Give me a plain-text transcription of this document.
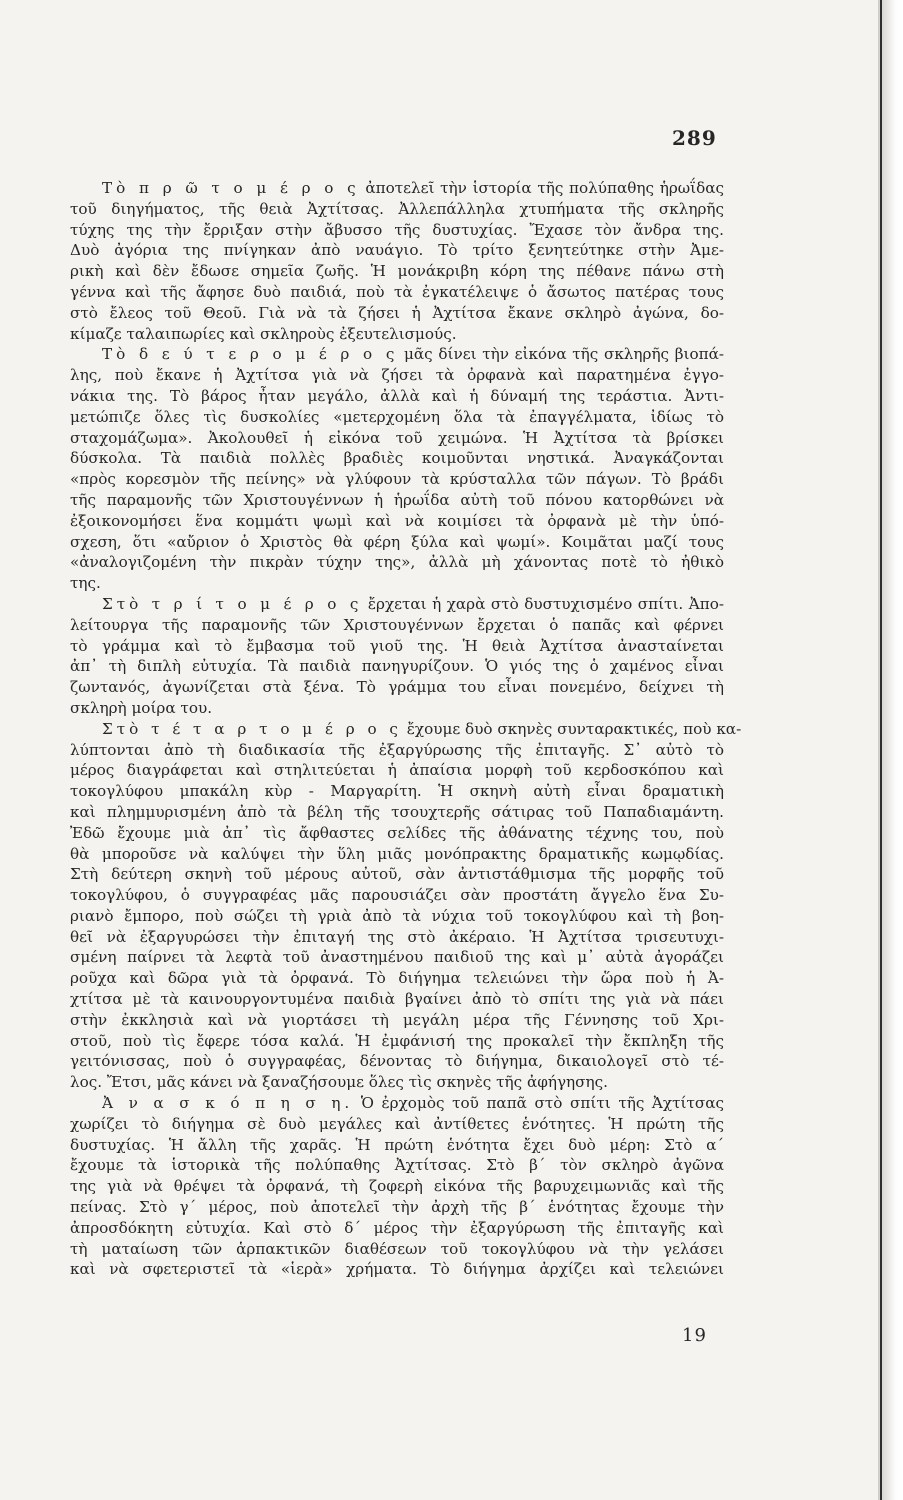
289
Τὸ π ρ ῶ τ ο μ έ ρ ο ς ἀποτελεῖ τὴν ἱστορία τῆς πολύπαθης ἡρωΐδας
τοῦ διηγήματος, τῆς θειὰ Ἀχτίτσας. Ἀλλεπάλληλα χτυπήματα τῆς σκληρῆς
τύχης της τὴν ἔρριξαν στὴν ἄβυσσο τῆς δυστυχίας. Ἔχασε τὸν ἄνδρα της.
Δυὸ ἀγόρια της πνίγηκαν ἀπὸ ναυάγιο. Τὸ τρίτο ξενητεύτηκε στὴν Ἀμε-
ρικὴ καὶ δὲν ἔδωσε σημεῖα ζωῆς. Ἡ μονάκριβη κόρη της πέθανε πάνω στὴ
γέννα καὶ τῆς ἄφησε δυὸ παιδιά, ποὺ τὰ ἐγκατέλειψε ὁ ἄσωτος πατέρας τους
στὸ ἔλεος τοῦ Θεοῦ. Γιὰ νὰ τὰ ζήσει ἡ Ἀχτίτσα ἔκανε σκληρὸ ἀγώνα, δο-
κίμαζε ταλαιπωρίες καὶ σκληροὺς ἐξευτελισμούς.
Τὸ δ ε ύ τ ε ρ ο μ έ ρ ο ς μᾶς δίνει τὴν εἰκόνα τῆς σκληρῆς βιοπά-
λης, ποὺ ἔκανε ἡ Ἀχτίτσα γιὰ νὰ ζήσει τὰ ὀρφανὰ καὶ παρατημένα ἐγγο-
νάκια της. Τὸ βάρος ἦταν μεγάλο, ἀλλὰ καὶ ἡ δύναμή της τεράστια. Ἀντι-
μετώπιζε ὅλες τὶς δυσκολίες «μετερχομένη ὅλα τὰ ἐπαγγέλματα, ἰδίως τὸ
σταχομάζωμα». Ἀκολουθεῖ ἡ εἰκόνα τοῦ χειμώνα. Ἡ Ἀχτίτσα τὰ βρίσκει
δύσκολα. Τὰ παιδιὰ πολλὲς βραδιὲς κοιμοῦνται νηστικά. Ἀναγκάζονται
«πρὸς κορεσμὸν τῆς πείνης» νὰ γλύφουν τὰ κρύσταλλα τῶν πάγων. Τὸ βράδι
τῆς παραμονῆς τῶν Χριστουγέννων ἡ ἡρωΐδα αὐτὴ τοῦ πόνου κατορθώνει νὰ
ἐξοικονομήσει ἕνα κομμάτι ψωμὶ καὶ νὰ κοιμίσει τὰ ὀρφανὰ μὲ τὴν ὑπό-
σχεση, ὅτι «αὔριον ὁ Χριστὸς θὰ φέρη ξύλα καὶ ψωμί». Κοιμᾶται μαζί τους
«ἀναλογιζομένη τὴν πικρὰν τύχην της», ἀλλὰ μὴ χάνοντας ποτὲ τὸ ἠθικὸ
της.
Στὸ τ ρ ί τ ο μ έ ρ ο ς ἔρχεται ἡ χαρὰ στὸ δυστυχισμένο σπίτι. Ἀπο-
λείτουργα τῆς παραμονῆς τῶν Χριστουγέννων ἔρχεται ὁ παπᾶς καὶ φέρνει
τὸ γράμμα καὶ τὸ ἔμβασμα τοῦ γιοῦ της. Ἡ θειὰ Ἀχτίτσα ἀνασταίνεται
ἀπ᾽ τὴ διπλὴ εὐτυχία. Τὰ παιδιὰ πανηγυρίζουν. Ὁ γιός της ὁ χαμένος εἶναι
ζωντανός, ἀγωνίζεται στὰ ξένα. Τὸ γράμμα του εἶναι πονεμένο, δείχνει τὴ
σκληρὴ μοίρα του.
Στὸ τ έ τ α ρ τ ο μ έ ρ ο ς ἔχουμε δυὸ σκηνὲς συνταρακτικές, ποὺ κα-
λύπτονται ἀπὸ τὴ διαδικασία τῆς ἐξαργύρωσης τῆς ἐπιταγῆς. Σ᾽ αὐτὸ τὸ
μέρος διαγράφεται καὶ στηλιτεύεται ἡ ἀπαίσια μορφὴ τοῦ κερδοσκόπου καὶ
τοκογλύφου μπακάλη κὺρ - Μαργαρίτη. Ἡ σκηνὴ αὐτὴ εἶναι δραματικὴ
καὶ πλημμυρισμένη ἀπὸ τὰ βέλη τῆς τσουχτερῆς σάτιρας τοῦ Παπαδιαμάντη.
Ἐδῶ ἔχουμε μιὰ ἀπ᾽ τὶς ἄφθαστες σελίδες τῆς ἀθάνατης τέχνης του, ποὺ
θὰ μποροῦσε νὰ καλύψει τὴν ὕλη μιᾶς μονόπρακτης δραματικῆς κωμῳδίας.
Στὴ δεύτερη σκηνὴ τοῦ μέρους αὐτοῦ, σὰν ἀντιστάθμισμα τῆς μορφῆς τοῦ
τοκογλύφου, ὁ συγγραφέας μᾶς παρουσιάζει σὰν προστάτη ἄγγελο ἕνα Συ-
ριανὸ ἔμπορο, ποὺ σώζει τὴ γριὰ ἀπὸ τὰ νύχια τοῦ τοκογλύφου καὶ τὴ βοη-
θεῖ νὰ ἐξαργυρώσει τὴν ἐπιταγή της στὸ ἀκέραιο. Ἡ Ἀχτίτσα τρισευτυχι-
σμένη παίρνει τὰ λεφτὰ τοῦ ἀναστημένου παιδιοῦ της καὶ μ᾽ αὐτὰ ἀγοράζει
ροῦχα καὶ δῶρα γιὰ τὰ ὀρφανά. Τὸ διήγημα τελειώνει τὴν ὥρα ποὺ ἡ Ἀ-
χτίτσα μὲ τὰ καινουργοντυμένα παιδιὰ βγαίνει ἀπὸ τὸ σπίτι της γιὰ νὰ πάει
στὴν ἐκκλησιὰ καὶ νὰ γιορτάσει τὴ μεγάλη μέρα τῆς Γέννησης τοῦ Χρι-
στοῦ, ποὺ τὶς ἔφερε τόσα καλά. Ἡ ἐμφάνισή της προκαλεῖ τὴν ἔκπληξη τῆς
γειτόνισσας, ποὺ ὁ συγγραφέας, δένοντας τὸ διήγημα, δικαιολογεῖ στὸ τέ-
λος. Ἔτσι, μᾶς κάνει νὰ ξαναζήσουμε ὅλες τὶς σκηνὲς τῆς ἀφήγησης.
Ἀ ν α σ κ ό π η σ η. Ὁ ἐρχομὸς τοῦ παπᾶ στὸ σπίτι τῆς Ἀχτίτσας
χωρίζει τὸ διήγημα σὲ δυὸ μεγάλες καὶ ἀντίθετες ἑνότητες. Ἡ πρώτη τῆς
δυστυχίας. Ἡ ἄλλη τῆς χαρᾶς. Ἡ πρώτη ἑνότητα ἔχει δυὸ μέρη: Στὸ α´
ἔχουμε τὰ ἱστορικὰ τῆς πολύπαθης Ἀχτίτσας. Στὸ β´ τὸν σκληρὸ ἀγῶνα
της γιὰ νὰ θρέψει τὰ ὀρφανά, τὴ ζοφερὴ εἰκόνα τῆς βαρυχειμωνιᾶς καὶ τῆς
πείνας. Στὸ γ´ μέρος, ποὺ ἀποτελεῖ τὴν ἀρχὴ τῆς β´ ἑνότητας ἔχουμε τὴν
ἀπροσδόκητη εὐτυχία. Καὶ στὸ δ´ μέρος τὴν ἐξαργύρωση τῆς ἐπιταγῆς καὶ
τὴ ματαίωση τῶν ἁρπακτικῶν διαθέσεων τοῦ τοκογλύφου νὰ τὴν γελάσει
καὶ νὰ σφετεριστεῖ τὰ «ἱερὰ» χρήματα. Τὸ διήγημα ἀρχίζει καὶ τελειώνει
19
